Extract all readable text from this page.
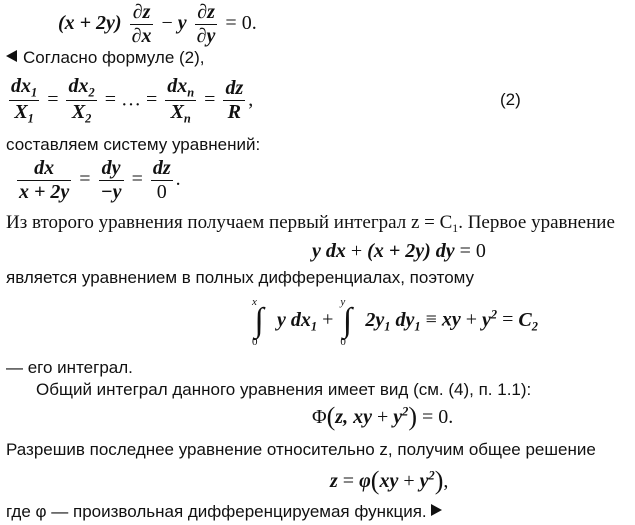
$(x + 2y) \frac{\partial z}{\partial x} - y \frac{\partial z}{\partial y} = 0$.
Согласно формуле (2),
$\frac{dx_1}{X_1} = \frac{dx_2}{X_2}$ = … = $\frac{dx_n}{X_n} = \frac{dz}{R}$ ,	(2)
составляем систему уравнений:
$\frac{dx}{x + 2y} = \frac{dy}{-y} = \frac{dz}{0}$ .
Из второго уравнения получаем первый интеграл $z = C_1$. Первое уравнение
y dx + (x + 2y) dy = 0
является уравнением в полных дифференциалах, поэтому
∫
x
0
y $dx_1$ + ∫
y
0
$2y_1$ $dy_1$ ≡ xy + $y^2 = C_2$
— его интеграл.
Общий интеграл данного уравнения имеет вид (см. (4), п. 1.1):
Φ(z, xy + $y^2) = 0$.
Разрешив последнее уравнение относительно z, получим общее решение
$z = \varphi(xy + y^2)$,
где φ — произвольная дифференцируемая функция.
